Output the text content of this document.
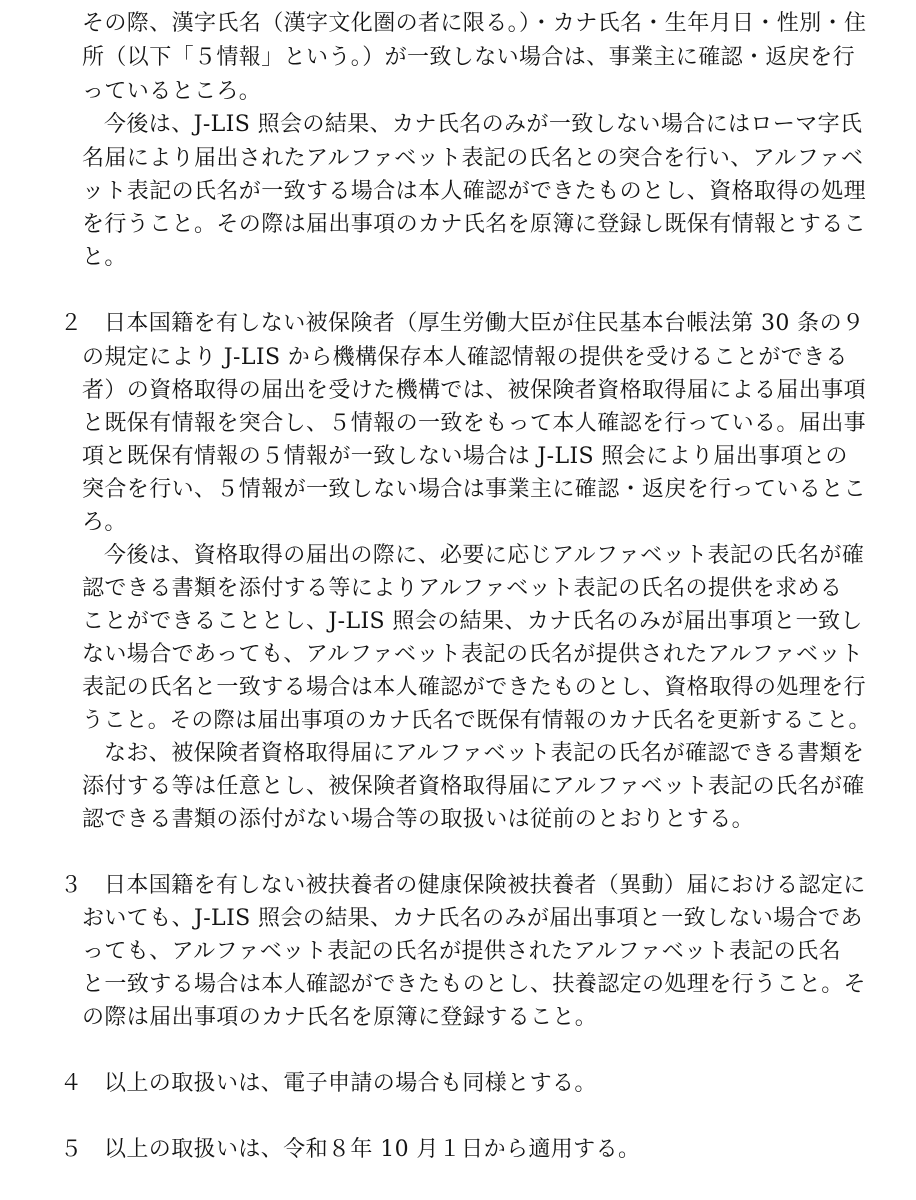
その際、漢字氏名（漢字文化圏の者に限る。）・カナ氏名・生年月日・性別・住
所（以下「５情報」という。）が一致しない場合は、事業主に確認・返戻を行
っているところ。
今後は、J-LIS 照会の結果、カナ氏名のみが一致しない場合にはローマ字氏
名届により届出されたアルファベット表記の氏名との突合を行い、アルファベ
ット表記の氏名が一致する場合は本人確認ができたものとし、資格取得の処理
を行うこと。その際は届出事項のカナ氏名を原簿に登録し既保有情報とするこ
と。
２ 日本国籍を有しない被保険者（厚生労働大臣が住民基本台帳法第 30 条の９
の規定により J-LIS から機構保存本人確認情報の提供を受けることができる
者）の資格取得の届出を受けた機構では、被保険者資格取得届による届出事項
と既保有情報を突合し、５情報の一致をもって本人確認を行っている。届出事
項と既保有情報の５情報が一致しない場合は J-LIS 照会により届出事項との
突合を行い、５情報が一致しない場合は事業主に確認・返戻を行っているとこ
ろ。
今後は、資格取得の届出の際に、必要に応じアルファベット表記の氏名が確
認できる書類を添付する等によりアルファベット表記の氏名の提供を求める
ことができることとし、J-LIS 照会の結果、カナ氏名のみが届出事項と一致し
ない場合であっても、アルファベット表記の氏名が提供されたアルファベット
表記の氏名と一致する場合は本人確認ができたものとし、資格取得の処理を行
うこと。その際は届出事項のカナ氏名で既保有情報のカナ氏名を更新すること。
なお、被保険者資格取得届にアルファベット表記の氏名が確認できる書類を
添付する等は任意とし、被保険者資格取得届にアルファベット表記の氏名が確
認できる書類の添付がない場合等の取扱いは従前のとおりとする。
３ 日本国籍を有しない被扶養者の健康保険被扶養者（異動）届における認定に
おいても、J-LIS 照会の結果、カナ氏名のみが届出事項と一致しない場合であ
っても、アルファベット表記の氏名が提供されたアルファベット表記の氏名
と一致する場合は本人確認ができたものとし、扶養認定の処理を行うこと。そ
の際は届出事項のカナ氏名を原簿に登録すること。
４ 以上の取扱いは、電子申請の場合も同様とする。
５ 以上の取扱いは、令和８年 10 月１日から適用する。
